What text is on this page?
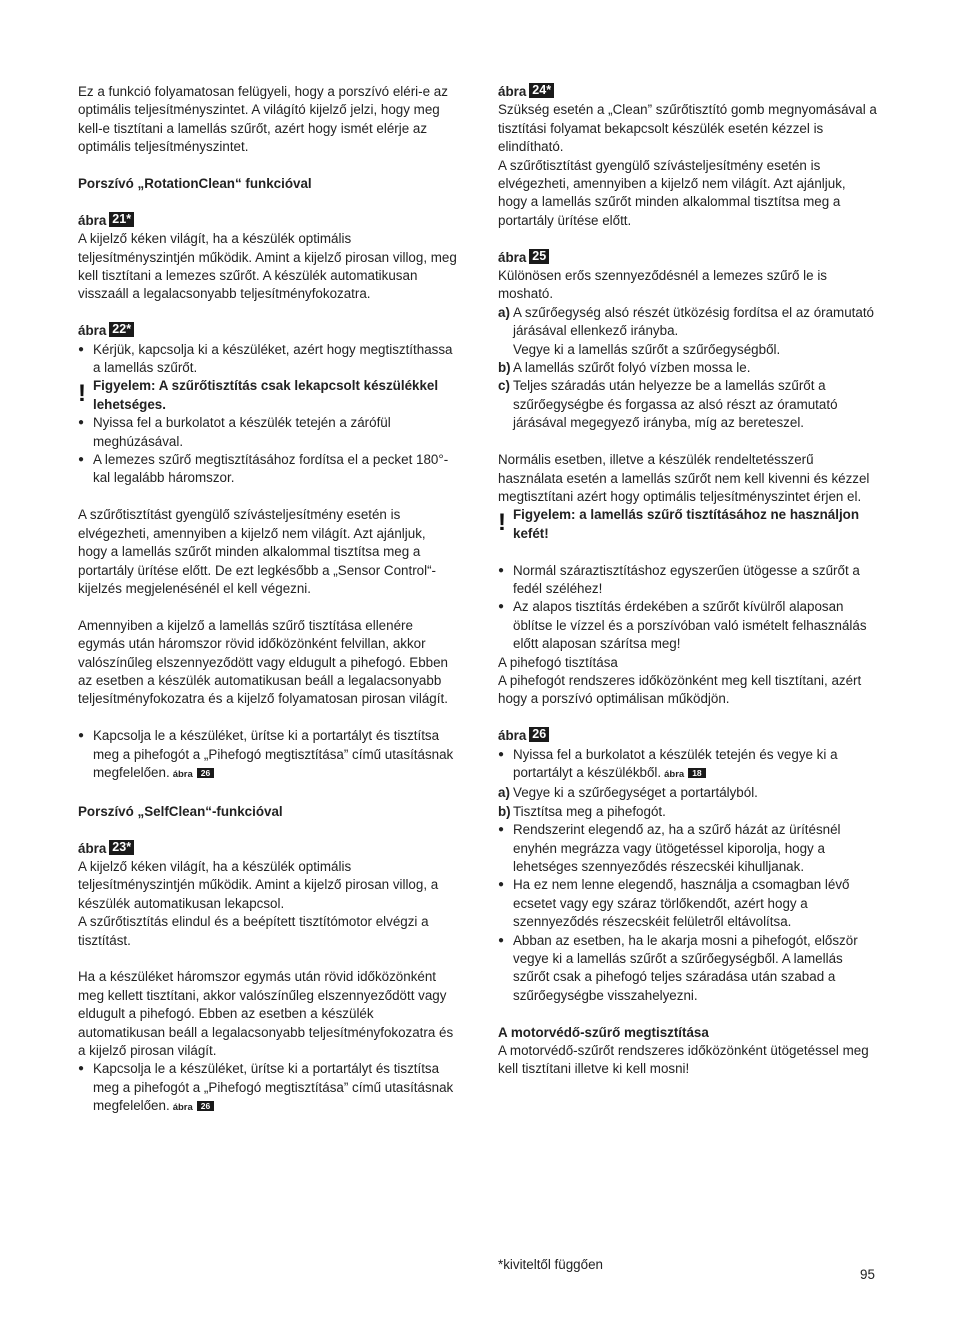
Ez a funkció folyamatosan felügyeli, hogy a porszívó eléri-e az optimális teljesítményszintet. A világító kijelző jelzi, hogy meg kell-e tisztítani a lamellás szűrőt, azért hogy ismét elérje az optimális teljesítményszintet.

Porszívó „RotationClean“ funkcióval

ábra 21*

A kijelző kéken világít, ha a készülék optimális teljesítményszintjén működik. Amint a kijelző pirosan villog, meg kell tisztítani a lemezes szűrőt. A készülék automatikusan visszaáll a legalacsonyabb teljesítményfokozatra.

ábra 22*

● Kérjük, kapcsolja ki a készüléket, azért hogy megtisztíthassa a lamellás szűrőt.

! Figyelem: A szűrőtisztítás csak lekapcsolt készülékkel lehetséges.

● Nyissa fel a burkolatot a készülék tetején a zárófül meghúzásával.

● A lemezes szűrő megtisztításához fordítsa el a pecket 180°-kal legalább háromszor.

A szűrőtisztítást gyengülő szívásteljesítmény esetén is elvégezheti, amennyiben a kijelző nem világít. Azt ajánljuk, hogy a lamellás szűrőt minden alkalommal tisztítsa meg a portartály ürítése előtt. De ezt legkésőbb a „Sensor Control“-kijelzés megjelenésénél el kell végezni.

Amennyiben a kijelző a lamellás szűrő tisztítása ellenére egymás után háromszor rövid időközönként felvillan, akkor valószínűleg elszennyeződött vagy eldugult a pihefogó. Ebben az esetben a készülék automatikusan beáll a legalacsonyabb teljesítményfokozatra és a kijelző folyamatosan pirosan világít.

● Kapcsolja le a készüléket, ürítse ki a portartályt és tisztítsa meg a pihefogót a „Pihefogó megtisztítása” című utasításnak megfelelően. ábra 26

Porszívó „SelfClean“-funkcióval

ábra 23*

A kijelző kéken világít, ha a készülék optimális teljesítményszintjén működik. Amint a kijelző pirosan villog, a készülék automatikusan lekapcsol.

A szűrőtisztítás elindul és a beépített tisztítómotor elvégzi a tisztítást.

Ha a készüléket háromszor egymás után rövid időközönként meg kellett tisztítani, akkor valószínűleg elszennyeződött vagy eldugult a pihefogó. Ebben az esetben a készülék automatikusan beáll a legalacsonyabb teljesítményfokozatra és a kijelző pirosan világít.

● Kapcsolja le a készüléket, ürítse ki a portartályt és tisztítsa meg a pihefogót a „Pihefogó megtisztítása” című utasításnak megfelelően. ábra 26

ábra 24*

Szükség esetén a „Clean” szűrőtisztító gomb megnyomásával a tisztítási folyamat bekapcsolt készülék esetén kézzel is elindítható.

A szűrőtisztítást gyengülő szívásteljesítmény esetén is elvégezheti, amennyiben a kijelző nem világít. Azt ajánljuk, hogy a lamellás szűrőt minden alkalommal tisztítsa meg a portartály ürítése előtt.

ábra 25

Különösen erős szennyeződésnél a lemezes szűrő le is mosható.

a) A szűrőegység alsó részét ütközésig fordítsa el az óramutató járásával ellenkező irányba.

Vegye ki a lamellás szűrőt a szűrőegységből.

b) A lamellás szűrőt folyó vízben mossa le.

c) Teljes száradás után helyezze be a lamellás szűrőt a szűrőegységbe és forgassa az alsó részt az óramutató járásával megegyező irányba, míg az bereteszel.

Normális esetben, illetve a készülék rendeltetésszerű használata esetén a lamellás szűrőt nem kell kivenni és kézzel megtisztítani azért hogy optimális teljesítményszintet érjen el.

! Figyelem: a lamellás szűrő tisztításához ne használjon kefét!

● Normál száraztisztításhoz egyszerűen ütögesse a szűrőt a fedél széléhez!

● Az alapos tisztítás érdekében a szűrőt kívülről alaposan öblítse le vízzel és a porszívóban való ismételt felhasználás előtt alaposan szárítsa meg!

A pihefogó tisztítása

A pihefogót rendszeres időközönként meg kell tisztítani, azért hogy a porszívó optimálisan működjön.

ábra 26

● Nyissa fel a burkolatot a készülék tetején és vegye ki a portartályt a készülékből. ábra 18

a) Vegye ki a szűrőegységet a portartályból.

b) Tisztítsa meg a pihefogót.

● Rendszerint elegendő az, ha a szűrő házát az ürítésnél enyhén megrázza vagy ütögetéssel kiporolja, hogy a lehetséges szennyeződés részecskéi kihulljanak.

● Ha ez nem lenne elegendő, használja a csomagban lévő ecsetet vagy egy száraz törlőkendőt, azért hogy a szennyeződés részecskéit felületről eltávolítsa.

● Abban az esetben, ha le akarja mosni a pihefogót, először vegye ki a lamellás szűrőt a szűrőegységből. A lamellás szűrőt csak a pihefogó teljes száradása után szabad a szűrőegységbe visszahelyezni.

A motorvédő-szűrő megtisztítása

A motorvédő-szűrőt rendszeres időközönként ütögetéssel meg kell tisztítani illetve ki kell mosni!

*kiviteltől függően
95
